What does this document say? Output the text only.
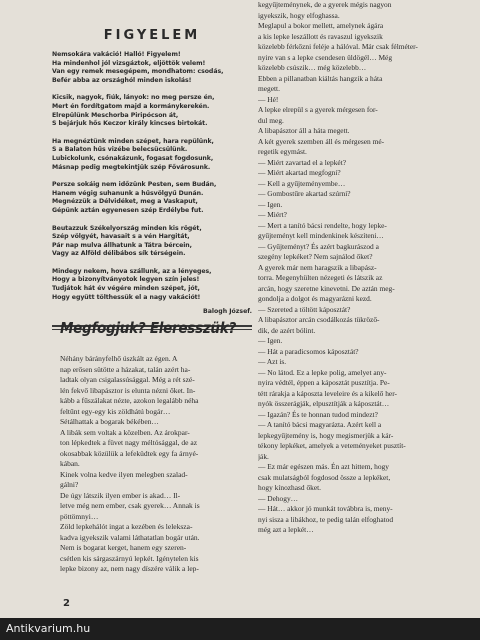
FIGYELEM
Nemsokára vakáció! Halló! Figyelem!
Ha mindenhol jól vizsgáztok, eljöttök velem!
Van egy remek mesegépem, mondhatom: csodás,
Befér abba az országhól minden iskolás!
Kicsik, nagyok, fiúk, lányok: no meg persze én,
Mert én fordítgatom majd a kormánykerekén.
Elrepülünk Meschorba Piripócson át,
S bejárjuk hős Keczor király kincses birtokát.
Ha megnéztünk minden szépet, hara repülünk,
S a Balaton hűs vizébe belecsücsülünk.
Lubickolunk, csónakázunk, fogasat fogdosunk,
Másnap pedig megtekintjük szép Fővárosunk.
Persze sokáig nem időzünk Pesten, sem Budán,
Hanem végig suhanunk a hűsvölgyű Dunán.
Megnézzük a Délvidéket, meg a Vaskaput,
Gépünk aztán egyenesen szép Erdélybe fut.
Beutazzuk Székelyország minden kis rögét,
Szép völgyét, havasait s a vén Hargitát,
Pár nap mulva állhatunk a Tátra bércein,
Vagy az Alföld délibábos sík térségein.
Mindegy nekem, hova szállunk, az a lényeges,
Hogy a bizonyítványotok legyen szín jeles!
Tudjátok hát év végére minden szépet, jót,
Hogy együtt tölthessük el a nagy vakációt!
Balogh József.
Megfogjuk? Eleresszük?

Néhány bárányfelhő úszkált az égen. A

nap erősen sütötte a házakat, talán azért ha-

ladtak olyan csigalassúsággal. Még a rét szé-

lén fekvő libapásztor is elunta nézni őket. In-

kább a fűszálakat nézte, azokon legalább néha

feltűnt egy-egy kis zöldhátú bogár…

Sétálhattak a bogarak békében…

A libák sem voltak a közelben. Az árokpar-

ton lépkedtek a füvet nagy méltósággal, de az

okosabbak közülük a lefeküdtek egy fa árnyé-

kában.

Kinek volna kedve ilyen melegben szalad-

gálni?

De úgy látszik ilyen ember is akad… Il-

letve még nem ember, csak gyerek… Annak is

pöttömnyi…

Zöld lepkehálót ingat a kezében és leleksza-

kadva igyekszik valami láthatatlan bogár után.

Nem is bogarat kerget, hanem egy szeren-

csétlen kis sárgaszárnyú lepkét. Igénytelen kis

lepke bizony az, nem nagy díszére válik a lep-

kegyűjteménynek, de a gyerek mégis nagyon

igyekszik, hogy elfoghassa.

Meglapul a bokor mellett, amelynek ágára

a kis lepke leszállott és ravaszul igyekszik

közelebb férkőzni feléje a hálóval. Már csak félméter-

nyire van s a lepke csendesen üldögél… Még

közelebb csúszik… még közelebb…

Ebben a pillanatban kiáltás hangzik a háta

megett.

— Hé!

A lepke elrepül s a gyerek mérgesen for-

dul meg.

A libapásztor áll a háta megett.

A két gyerek szemben áll és mérgesen mé-

regetik egymást.

— Miért zavartad el a lepkét?

— Miért akartad megfogni?

— Kell a gyűjteményembe…

— Gombostűre akartad szúrni?

— Igen.

— Miért?

— Mert a tanító bácsi rendelte, hogy lepke-

gyűjteményt kell mindenkinek készíteni…

— Gyűjteményt? És azért bagkurászod a

szegény lepkéket? Nem sajnálod őket?

A gyerek már nem haragszik a libapász-

torra. Megenyhülten nézegeti és látszik az

arcán, hogy szeretne kinevetni. De aztán meg-

gondolja a dolgot és magyarázni kezd.

— Szereted a töltött káposztát?

A libapásztor arcán csodálkozás tükröző-

dik, de azért bólint.

— Igen.

— Hát a paradicsomos káposztát?

— Azt is.

— No látod. Ez a lepke polig, amelyet any-

nyira védtél, éppen a káposztát pusztítja. Pe-

tétt rárakja a káposzta leveleire és a kikelő her-

nyók összerágják, elpusztítják a káposztát…

— Igazán? És te honnan tudod mindezt?

— A tanító bácsi magyarázta. Azért kell a

lepkegyűjtemény is, hogy megismerjük a kár-

tékony lepkéket, amelyek a veteményeket pusztít-

ják.

— Ez már egészen más. Én azt hittem, hogy

csak mulatságból fogdosod össze a lepkéket,

hogy kínozhasd őket.

— Dehogy…

— Hát… akkor jó munkát továbbra is, meny-

nyi sisza a libákhoz, te pedig talán elfoghatod

még azt a lepkét…

2
Antikvarium.hu
